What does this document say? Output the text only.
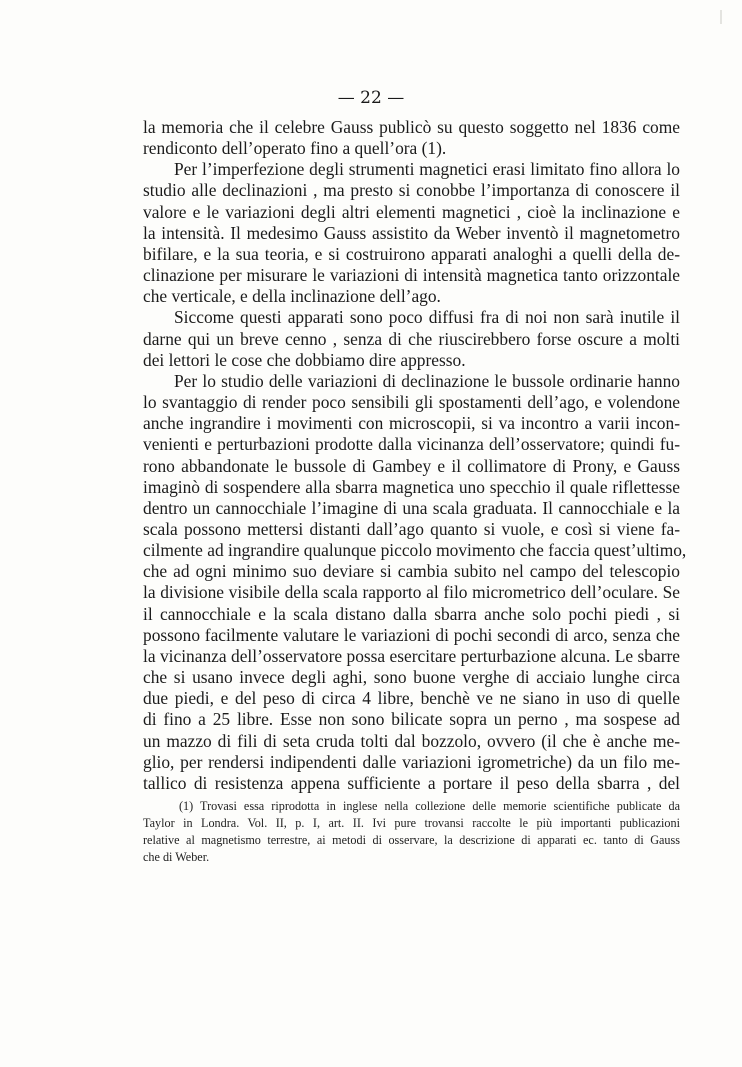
— 22 —

la memoria che il celebre Gauss publicò su questo soggetto nel 1836 come
rendiconto dell’operato fino a quell’ora (1).

Per l’imperfezione degli strumenti magnetici erasi limitato fino allora lo
studio alle declinazioni , ma presto si conobbe l’importanza di conoscere il
valore e le variazioni degli altri elementi magnetici , cioè la inclinazione e
la intensità. Il medesimo Gauss assistito da Weber inventò il magnetometro
bifilare, e la sua teoria, e si costruirono apparati analoghi a quelli della de-
clinazione per misurare le variazioni di intensità magnetica tanto orizzontale
che verticale, e della inclinazione dell’ago.

Siccome questi apparati sono poco diffusi fra di noi non sarà inutile il
darne qui un breve cenno , senza di che riuscirebbero forse oscure a molti
dei lettori le cose che dobbiamo dire appresso.

Per lo studio delle variazioni di declinazione le bussole ordinarie hanno
lo svantaggio di render poco sensibili gli spostamenti dell’ago, e volendone
anche ingrandire i movimenti con microscopii, si va incontro a varii incon-
venienti e perturbazioni prodotte dalla vicinanza dell’osservatore; quindi fu-
rono abbandonate le bussole di Gambey e il collimatore di Prony, e Gauss
imaginò di sospendere alla sbarra magnetica uno specchio il quale riflettesse
dentro un cannocchiale l’imagine di una scala graduata. Il cannocchiale e la
scala possono mettersi distanti dall’ago quanto si vuole, e così si viene fa-
cilmente ad ingrandire qualunque piccolo movimento che faccia quest’ultimo,
che ad ogni minimo suo deviare si cambia subito nel campo del telescopio
la divisione visibile della scala rapporto al filo micrometrico dell’oculare. Se
il cannocchiale e la scala distano dalla sbarra anche solo pochi piedi , si
possono facilmente valutare le variazioni di pochi secondi di arco, senza che
la vicinanza dell’osservatore possa esercitare perturbazione alcuna. Le sbarre
che si usano invece degli aghi, sono buone verghe di acciaio lunghe circa
due piedi, e del peso di circa 4 libre, benchè ve ne siano in uso di quelle
di fino a 25 libre. Esse non sono bilicate sopra un perno , ma sospese ad
un mazzo di fili di seta cruda tolti dal bozzolo, ovvero (il che è anche me-
glio, per rendersi indipendenti dalle variazioni igrometriche) da un filo me-
tallico di resistenza appena sufficiente a portare il peso della sbarra , del

(1) Trovasi essa riprodotta in inglese nella collezione delle memorie scientifiche publicate da
Taylor in Londra. Vol. II, p. I, art. II. Ivi pure trovansi raccolte le più importanti publicazioni
relative al magnetismo terrestre, ai metodi di osservare, la descrizione di apparati ec. tanto di Gauss
che di Weber.
